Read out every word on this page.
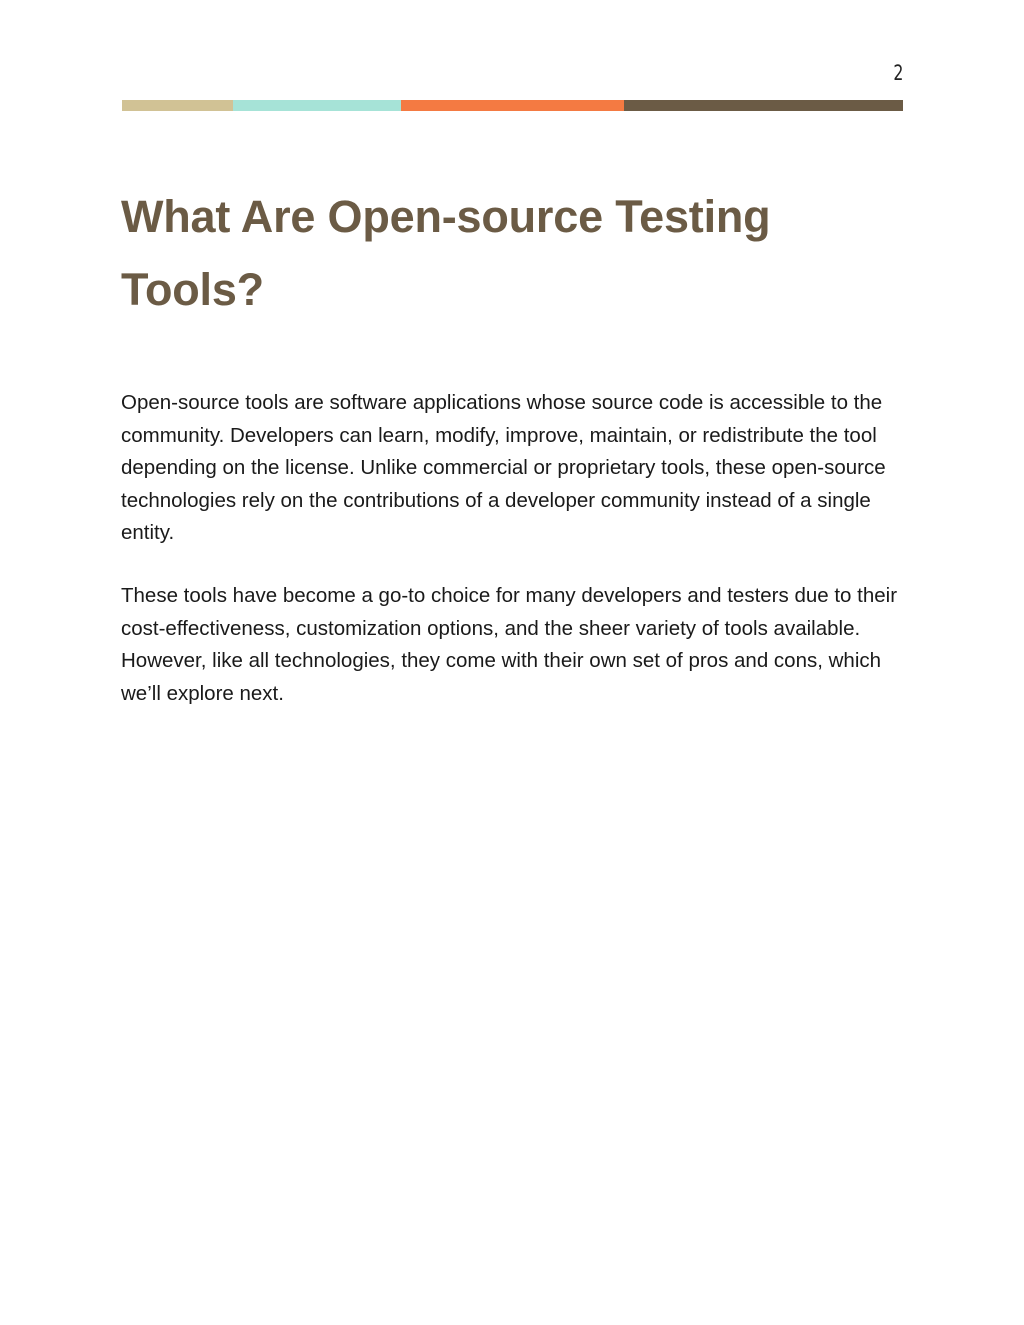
2
What Are Open-source Testing Tools?

Open-source tools are software applications whose source code is accessible to the community. Developers can learn, modify, improve, maintain, or redistribute the tool depending on the license. Unlike commercial or proprietary tools, these open-source technologies rely on the contributions of a developer community instead of a single entity.

These tools have become a go-to choice for many developers and testers due to their cost-effectiveness, customization options, and the sheer variety of tools available. However, like all technologies, they come with their own set of pros and cons, which we’ll explore next.
